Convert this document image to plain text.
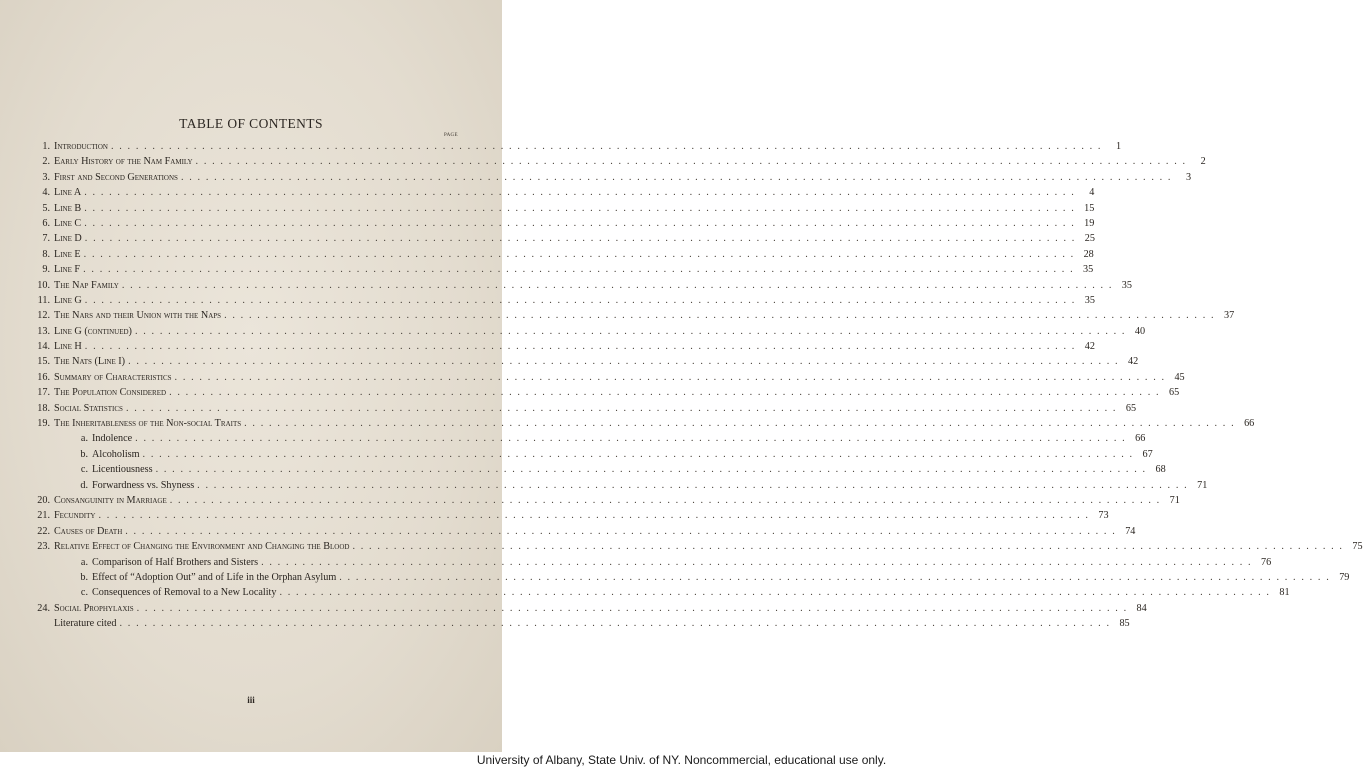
TABLE OF CONTENTS
PAGE
1. Introduction . . . . . . . . . . . . . . . . . . . . . . . . . . . . . . . . . . . . . . . . . . . . . . . . . . . . . . . . . . . . . . . . . . . . . . . . . . . . . . . . . . . . . . . . . . . . . . . . . . . . . . . . . . . . . . . . . . . . . . . .	1
2. Early History of the Nam Family . . . . . . . . . . . . . . . . . . . . . . . . . . . . . . . . . . . . . . . . . . . . . . . . . . . . . . . . . . . . . . . . . . . . . . . . . . . . . . . . . . . . . . . . . . . . . . . . . . . . . . . . . . . . . . . . . . . . . . . .	2
3. First and Second Generations . . . . . . . . . . . . . . . . . . . . . . . . . . . . . . . . . . . . . . . . . . . . . . . . . . . . . . . . . . . . . . . . . . . . . . . . . . . . . . . . . . . . . . . . . . . . . . . . . . . . . . . . . . . . . . . . . . . . . . . .	3
4. Line A . . . . . . . . . . . . . . . . . . . . . . . . . . . . . . . . . . . . . . . . . . . . . . . . . . . . . . . . . . . . . . . . . . . . . . . . . . . . . . . . . . . . . . . . . . . . . . . . . . . . . . . . . . . . . . . . . . . . . . . .	4
5. Line B . . . . . . . . . . . . . . . . . . . . . . . . . . . . . . . . . . . . . . . . . . . . . . . . . . . . . . . . . . . . . . . . . . . . . . . . . . . . . . . . . . . . . . . . . . . . . . . . . . . . . . . . . . . . . . . . . . . . . . . . 15
6. Line C . . . . . . . . . . . . . . . . . . . . . . . . . . . . . . . . . . . . . . . . . . . . . . . . . . . . . . . . . . . . . . . . . . . . . . . . . . . . . . . . . . . . . . . . . . . . . . . . . . . . . . . . . . . . . . . . . . . . . . . . 19
7. Line D . . . . . . . . . . . . . . . . . . . . . . . . . . . . . . . . . . . . . . . . . . . . . . . . . . . . . . . . . . . . . . . . . . . . . . . . . . . . . . . . . . . . . . . . . . . . . . . . . . . . . . . . . . . . . . . . . . . . . . . . 25
8. Line E . . . . . . . . . . . . . . . . . . . . . . . . . . . . . . . . . . . . . . . . . . . . . . . . . . . . . . . . . . . . . . . . . . . . . . . . . . . . . . . . . . . . . . . . . . . . . . . . . . . . . . . . . . . . . . . . . . . . . . . . 28
9. Line F . . . . . . . . . . . . . . . . . . . . . . . . . . . . . . . . . . . . . . . . . . . . . . . . . . . . . . . . . . . . . . . . . . . . . . . . . . . . . . . . . . . . . . . . . . . . . . . . . . . . . . . . . . . . . . . . . . . . . . . . 35
10. The Nap Family . . . . . . . . . . . . . . . . . . . . . . . . . . . . . . . . . . . . . . . . . . . . . . . . . . . . . . . . . . . . . . . . . . . . . . . . . . . . . . . . . . . . . . . . . . . . . . . . . . . . . . . . . . . . . . . . . . . . . . . . 35
11. Line G . . . . . . . . . . . . . . . . . . . . . . . . . . . . . . . . . . . . . . . . . . . . . . . . . . . . . . . . . . . . . . . . . . . . . . . . . . . . . . . . . . . . . . . . . . . . . . . . . . . . . . . . . . . . . . . . . . . . . . . . 35
12. The Nars and their Union with the Naps . . . . . . . . . . . . . . . . . . . . . . . . . . . . . . . . . . . . . . . . . . . . . . . . . . . . . . . . . . . . . . . . . . . . . . . . . . . . . . . . . . . . . . . . . . . . . . . . . . . . . . . . . . . . . . . . . . . . . . . . 37
13. Line G (continued) . . . . . . . . . . . . . . . . . . . . . . . . . . . . . . . . . . . . . . . . . . . . . . . . . . . . . . . . . . . . . . . . . . . . . . . . . . . . . . . . . . . . . . . . . . . . . . . . . . . . . . . . . . . . . . . . . . . . . . . . 40
14. Line H . . . . . . . . . . . . . . . . . . . . . . . . . . . . . . . . . . . . . . . . . . . . . . . . . . . . . . . . . . . . . . . . . . . . . . . . . . . . . . . . . . . . . . . . . . . . . . . . . . . . . . . . . . . . . . . . . . . . . . . . 42
15. The Nats (Line I) . . . . . . . . . . . . . . . . . . . . . . . . . . . . . . . . . . . . . . . . . . . . . . . . . . . . . . . . . . . . . . . . . . . . . . . . . . . . . . . . . . . . . . . . . . . . . . . . . . . . . . . . . . . . . . . . . . . . . . . . 42
16. Summary of Characteristics . . . . . . . . . . . . . . . . . . . . . . . . . . . . . . . . . . . . . . . . . . . . . . . . . . . . . . . . . . . . . . . . . . . . . . . . . . . . . . . . . . . . . . . . . . . . . . . . . . . . . . . . . . . . . . . . . . . . . . . . 45
17. The Population Considered . . . . . . . . . . . . . . . . . . . . . . . . . . . . . . . . . . . . . . . . . . . . . . . . . . . . . . . . . . . . . . . . . . . . . . . . . . . . . . . . . . . . . . . . . . . . . . . . . . . . . . . . . . . . . . . . . . . . . . . . 65
18. Social Statistics . . . . . . . . . . . . . . . . . . . . . . . . . . . . . . . . . . . . . . . . . . . . . . . . . . . . . . . . . . . . . . . . . . . . . . . . . . . . . . . . . . . . . . . . . . . . . . . . . . . . . . . . . . . . . . . . . . . . . . . . 65
19. The Inheritableness of the Non-social Traits . . . . . . . . . . . . . . . . . . . . . . . . . . . . . . . . . . . . . . . . . . . . . . . . . . . . . . . . . . . . . . . . . . . . . . . . . . . . . . . . . . . . . . . . . . . . . . . . . . . . . . . . . . . . . . . . . . . . . . . . 66
a. Indolence . . . . . . . . . . . . . . . . . . . . . . . . . . . . . . . . . . . . . . . . . . . . . . . . . . . . . . . . . . . . . . . . . . . . . . . . . . . . . . . . . . . . . . . . . . . . . . . . . . . . . . . . . . . . . . . . . . . . . . . . 66
b. Alcoholism . . . . . . . . . . . . . . . . . . . . . . . . . . . . . . . . . . . . . . . . . . . . . . . . . . . . . . . . . . . . . . . . . . . . . . . . . . . . . . . . . . . . . . . . . . . . . . . . . . . . . . . . . . . . . . . . . . . . . . . . 67
c. Licentiousness . . . . . . . . . . . . . . . . . . . . . . . . . . . . . . . . . . . . . . . . . . . . . . . . . . . . . . . . . . . . . . . . . . . . . . . . . . . . . . . . . . . . . . . . . . . . . . . . . . . . . . . . . . . . . . . . . . . . . . . . 68
d. Forwardness vs. Shyness . . . . . . . . . . . . . . . . . . . . . . . . . . . . . . . . . . . . . . . . . . . . . . . . . . . . . . . . . . . . . . . . . . . . . . . . . . . . . . . . . . . . . . . . . . . . . . . . . . . . . . . . . . . . . . . . . . . . . . . . 71
20. Consanguinity in Marriage . . . . . . . . . . . . . . . . . . . . . . . . . . . . . . . . . . . . . . . . . . . . . . . . . . . . . . . . . . . . . . . . . . . . . . . . . . . . . . . . . . . . . . . . . . . . . . . . . . . . . . . . . . . . . . . . . . . . . . . . 71
21. Fecundity . . . . . . . . . . . . . . . . . . . . . . . . . . . . . . . . . . . . . . . . . . . . . . . . . . . . . . . . . . . . . . . . . . . . . . . . . . . . . . . . . . . . . . . . . . . . . . . . . . . . . . . . . . . . . . . . . . . . . . . . 73
22. Causes of Death . . . . . . . . . . . . . . . . . . . . . . . . . . . . . . . . . . . . . . . . . . . . . . . . . . . . . . . . . . . . . . . . . . . . . . . . . . . . . . . . . . . . . . . . . . . . . . . . . . . . . . . . . . . . . . . . . . . . . . . . 74
23. Relative Effect of Changing the Environment and Changing the Blood . . . . . . . . . . . . . . . . . . . . . . . . . . . . . . . . . . . . . . . . . . . . . . . . . . . . . . . . . . . . . . . . . . . . . . . . . . . . . . . . . . . . . . . . . . . . . . . . . . . . . . . . . . . . . . . . . . . . . . . . 75
a. Comparison of Half Brothers and Sisters . . . . . . . . . . . . . . . . . . . . . . . . . . . . . . . . . . . . . . . . . . . . . . . . . . . . . . . . . . . . . . . . . . . . . . . . . . . . . . . . . . . . . . . . . . . . . . . . . . . . . . . . . . . . . . . . . . . . . . . . 76
b. Effect of “Adoption Out” and of Life in the Orphan Asylum . . . . . . . . . . . . . . . . . . . . . . . . . . . . . . . . . . . . . . . . . . . . . . . . . . . . . . . . . . . . . . . . . . . . . . . . . . . . . . . . . . . . . . . . . . . . . . . . . . . . . . . . . . . . . . . . . . . . . . . . 79
c. Consequences of Removal to a New Locality . . . . . . . . . . . . . . . . . . . . . . . . . . . . . . . . . . . . . . . . . . . . . . . . . . . . . . . . . . . . . . . . . . . . . . . . . . . . . . . . . . . . . . . . . . . . . . . . . . . . . . . . . . . . . . . . . . . . . . . . 81
24. Social Prophylaxis . . . . . . . . . . . . . . . . . . . . . . . . . . . . . . . . . . . . . . . . . . . . . . . . . . . . . . . . . . . . . . . . . . . . . . . . . . . . . . . . . . . . . . . . . . . . . . . . . . . . . . . . . . . . . . . . . . . . . . . . 84
Literature cited . . . . . . . . . . . . . . . . . . . . . . . . . . . . . . . . . . . . . . . . . . . . . . . . . . . . . . . . . . . . . . . . . . . . . . . . . . . . . . . . . . . . . . . . . . . . . . . . . . . . . . . . . . . . . . . . . . . . . . . . 85
iii
University of Albany, State Univ. of NY. Noncommercial, educational use only.
